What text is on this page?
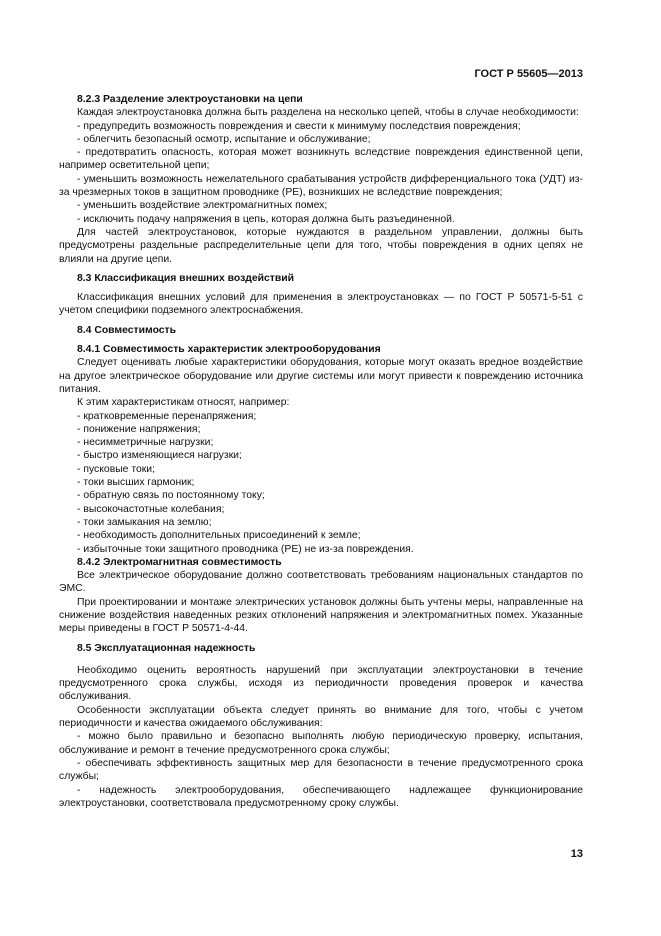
ГОСТ Р 55605—2013
8.2.3 Разделение электроустановки на цепи

Каждая электроустановка должна быть разделена на несколько цепей, чтобы в случае необходимости:

- предупредить возможность повреждения и свести к минимуму последствия повреждения;

- облегчить безопасный осмотр, испытание и обслуживание;

- предотвратить опасность, которая может возникнуть вследствие повреждения единственной цепи, например осветительной цепи;

- уменьшить возможность нежелательного срабатывания устройств дифференциального тока (УДТ) из-за чрезмерных токов в защитном проводнике (PE), возникших не вследствие повреждения;

- уменьшить воздействие электромагнитных помех;

- исключить подачу напряжения в цепь, которая должна быть разъединенной.

Для частей электроустановок, которые нуждаются в раздельном управлении, должны быть предусмотрены раздельные распределительные цепи для того, чтобы повреждения в одних цепях не влияли на другие цепи.

8.3 Классификация внешних воздействий

Классификация внешних условий для применения в электроустановках — по ГОСТ Р 50571-5-51 с учетом специфики подземного электроснабжения.

8.4 Совместимость
8.4.1 Совместимость характеристик электрооборудования

Следует оценивать любые характеристики оборудования, которые могут оказать вредное воздействие на другое электрическое оборудование или другие системы или могут привести к повреждению источника питания.

К этим характеристикам относят, например:

- кратковременные перенапряжения;

- понижение напряжения;

- несимметричные нагрузки;

- быстро изменяющиеся нагрузки;

- пусковые токи;

- токи высших гармоник;

- обратную связь по постоянному току;

- высокочастотные колебания;

- токи замыкания на землю;

- необходимость дополнительных присоединений к земле;

- избыточные токи защитного проводника (PE) не из-за повреждения.

8.4.2 Электромагнитная совместимость

Все электрическое оборудование должно соответствовать требованиям национальных стандартов по ЭМС.

При проектировании и монтаже электрических установок должны быть учтены меры, направленные на снижение воздействия наведенных резких отклонений напряжения и электромагнитных помех. Указанные меры приведены в ГОСТ Р 50571-4-44.

8.5 Эксплуатационная надежность

Необходимо оценить вероятность нарушений при эксплуатации электроустановки в течение предусмотренного срока службы, исходя из периодичности проведения проверок и качества обслуживания.

Особенности эксплуатации объекта следует принять во внимание для того, чтобы с учетом периодичности и качества ожидаемого обслуживания:

- можно было правильно и безопасно выполнять любую периодическую проверку, испытания, обслуживание и ремонт в течение предусмотренного срока службы;

- обеспечивать эффективность защитных мер для безопасности в течение предусмотренного срока службы;

- надежность электрооборудования, обеспечивающего надлежащее функционирование электроустановки, соответствовала предусмотренному сроку службы.

13
